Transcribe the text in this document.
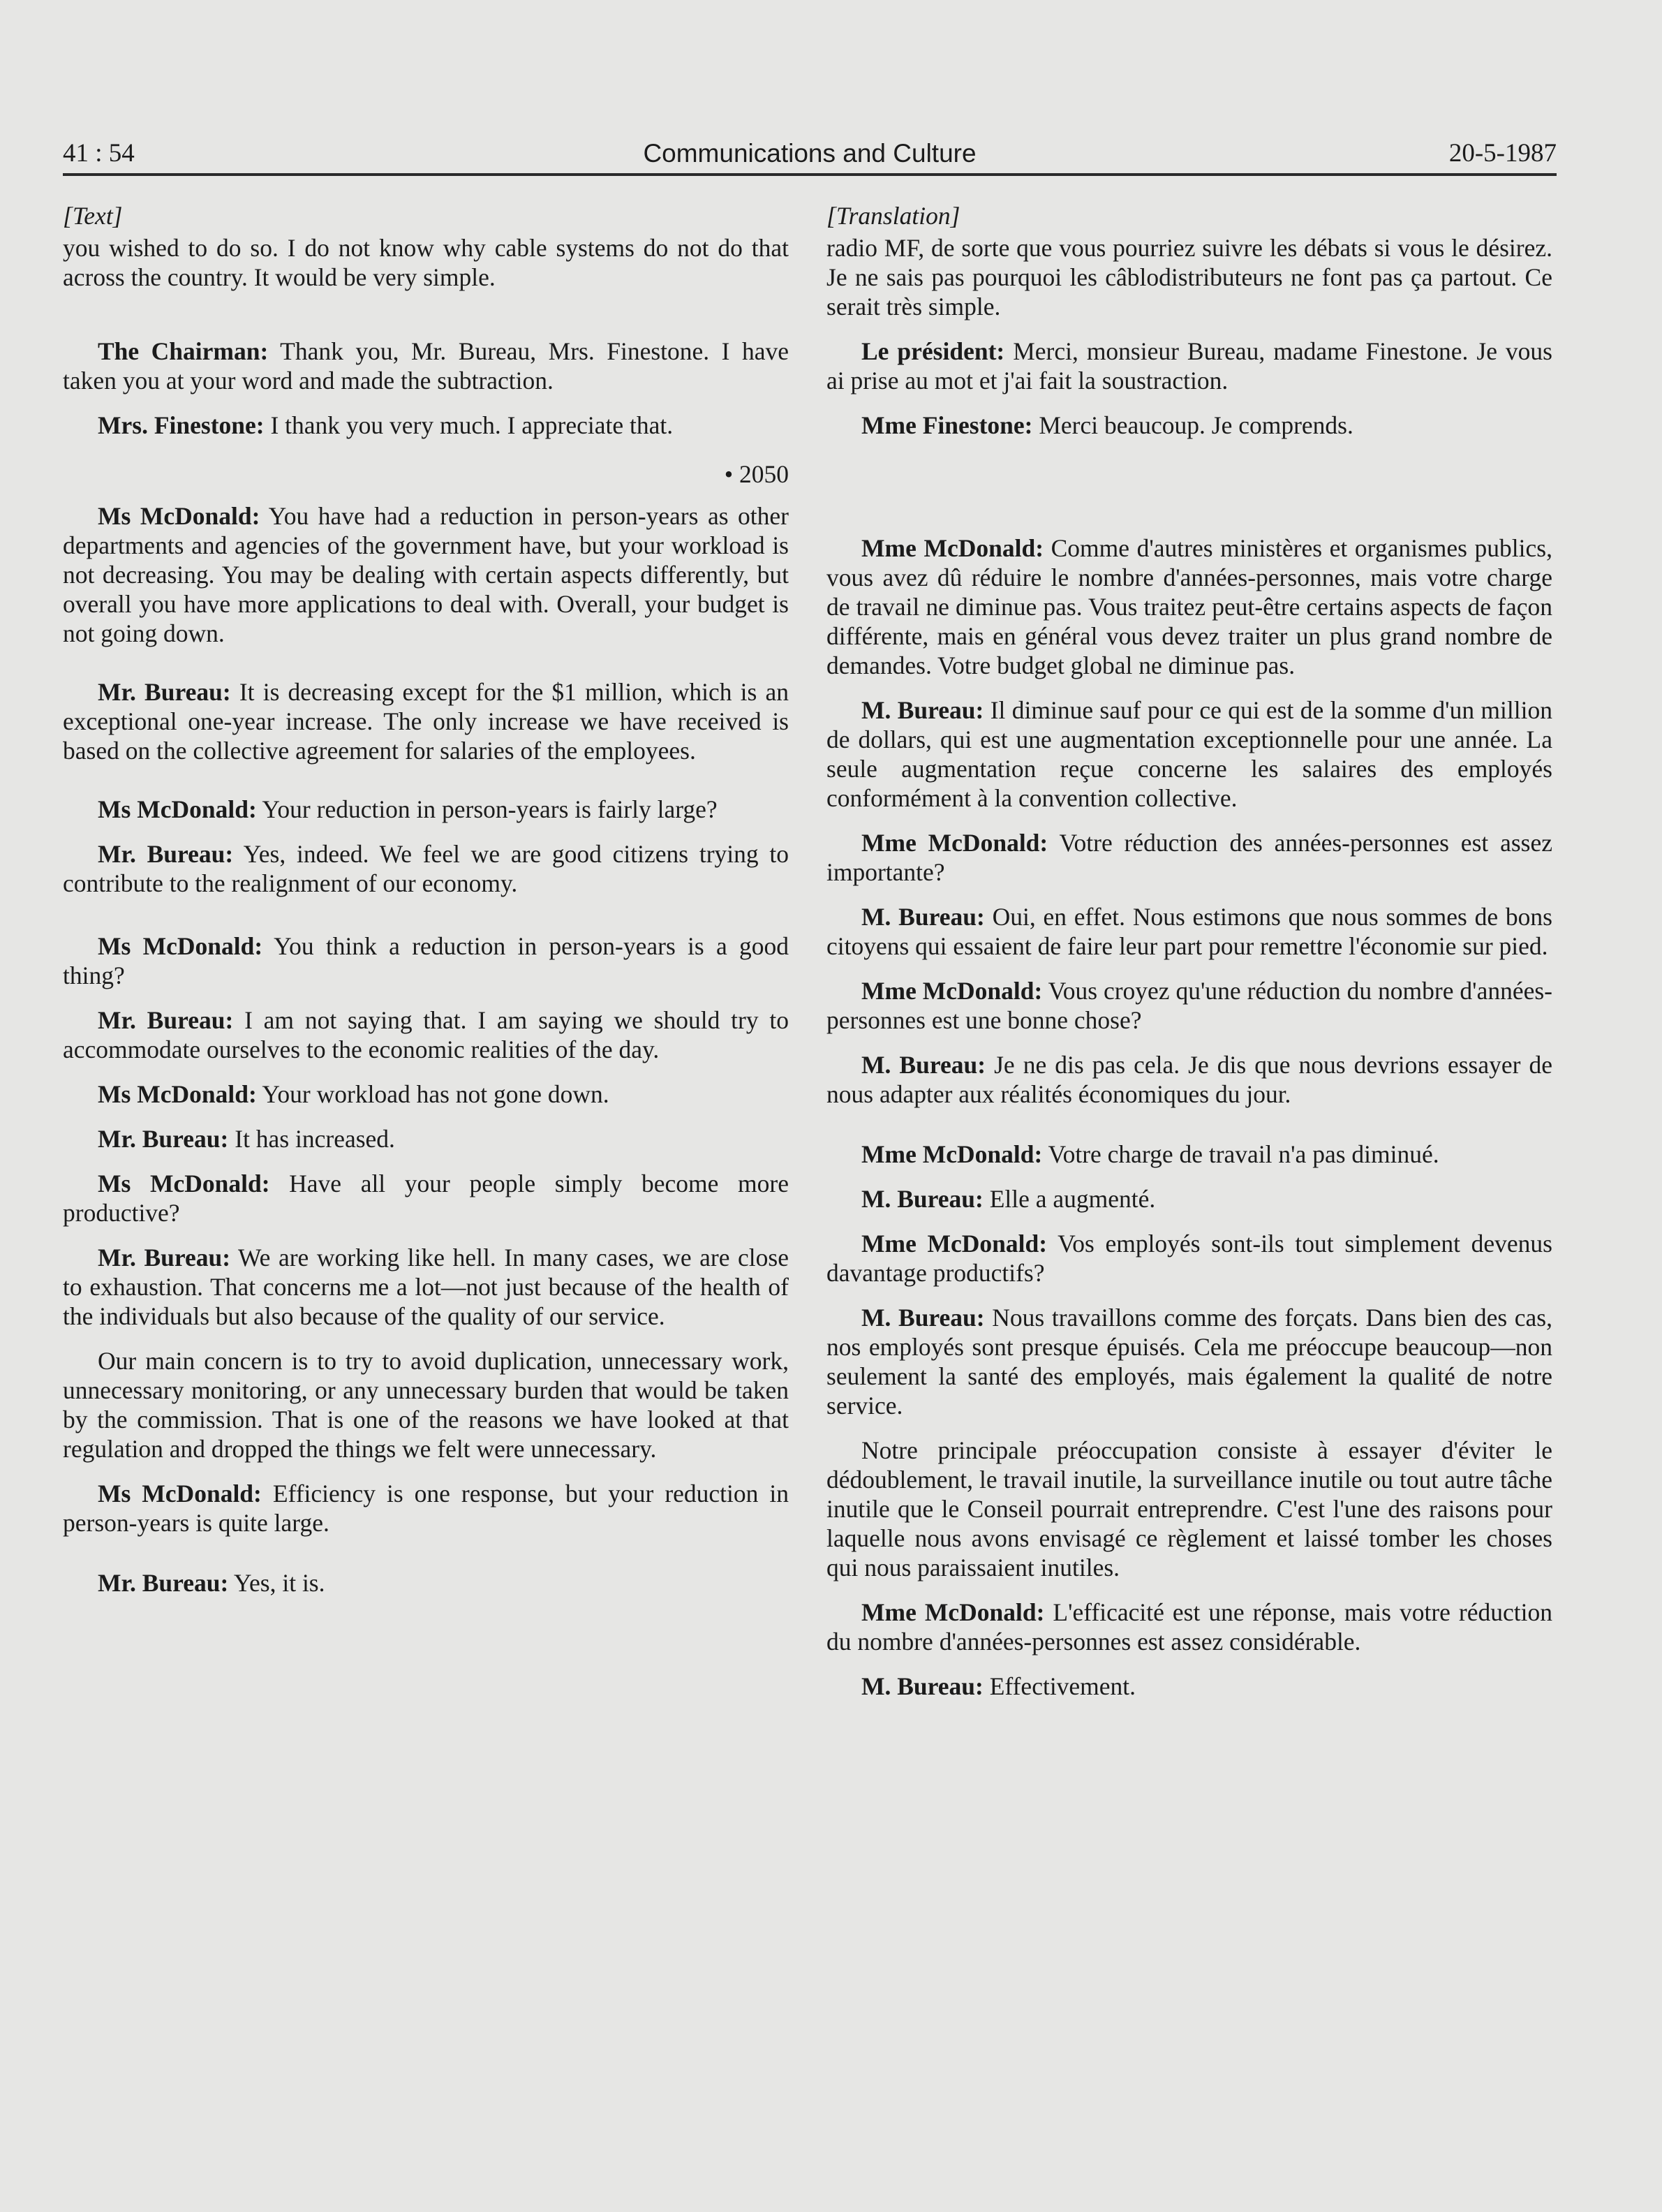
41 : 54	Communications and Culture	20-5-1987

[Text]

you wished to do so. I do not know why cable systems do not do that across the country. It would be very simple.

The Chairman: Thank you, Mr. Bureau, Mrs. Finestone. I have taken you at your word and made the subtraction.

Mrs. Finestone: I thank you very much. I appreciate that.

• 2050

Ms McDonald: You have had a reduction in person-years as other departments and agencies of the government have, but your workload is not decreasing. You may be dealing with certain aspects differently, but overall you have more applications to deal with. Overall, your budget is not going down.

Mr. Bureau: It is decreasing except for the $1 million, which is an exceptional one-year increase. The only increase we have received is based on the collective agreement for salaries of the employees.

Ms McDonald: Your reduction in person-years is fairly large?

Mr. Bureau: Yes, indeed. We feel we are good citizens trying to contribute to the realignment of our economy.

Ms McDonald: You think a reduction in person-years is a good thing?

Mr. Bureau: I am not saying that. I am saying we should try to accommodate ourselves to the economic realities of the day.

Ms McDonald: Your workload has not gone down.

Mr. Bureau: It has increased.

Ms McDonald: Have all your people simply become more productive?

Mr. Bureau: We are working like hell. In many cases, we are close to exhaustion. That concerns me a lot—not just because of the health of the individuals but also because of the quality of our service.

Our main concern is to try to avoid duplication, unnecessary work, unnecessary monitoring, or any unnecessary burden that would be taken by the commission. That is one of the reasons we have looked at that regulation and dropped the things we felt were unnecessary.

Ms McDonald: Efficiency is one response, but your reduction in person-years is quite large.

Mr. Bureau: Yes, it is.

[Translation]

radio MF, de sorte que vous pourriez suivre les débats si vous le désirez. Je ne sais pas pourquoi les câblodistributeurs ne font pas ça partout. Ce serait très simple.

Le président: Merci, monsieur Bureau, madame Finestone. Je vous ai prise au mot et j'ai fait la soustraction.

Mme Finestone: Merci beaucoup. Je comprends.

Mme McDonald: Comme d'autres ministères et organismes publics, vous avez dû réduire le nombre d'années-personnes, mais votre charge de travail ne diminue pas. Vous traitez peut-être certains aspects de façon différente, mais en général vous devez traiter un plus grand nombre de demandes. Votre budget global ne diminue pas.

M. Bureau: Il diminue sauf pour ce qui est de la somme d'un million de dollars, qui est une augmentation exceptionnelle pour une année. La seule augmentation reçue concerne les salaires des employés conformément à la convention collective.

Mme McDonald: Votre réduction des années-personnes est assez importante?

M. Bureau: Oui, en effet. Nous estimons que nous sommes de bons citoyens qui essaient de faire leur part pour remettre l'économie sur pied.

Mme McDonald: Vous croyez qu'une réduction du nombre d'années-personnes est une bonne chose?

M. Bureau: Je ne dis pas cela. Je dis que nous devrions essayer de nous adapter aux réalités économiques du jour.

Mme McDonald: Votre charge de travail n'a pas diminué.

M. Bureau: Elle a augmenté.

Mme McDonald: Vos employés sont-ils tout simplement devenus davantage productifs?

M. Bureau: Nous travaillons comme des forçats. Dans bien des cas, nos employés sont presque épuisés. Cela me préoccupe beaucoup—non seulement la santé des employés, mais également la qualité de notre service.

Notre principale préoccupation consiste à essayer d'éviter le dédoublement, le travail inutile, la surveillance inutile ou tout autre tâche inutile que le Conseil pourrait entreprendre. C'est l'une des raisons pour laquelle nous avons envisagé ce règlement et laissé tomber les choses qui nous paraissaient inutiles.

Mme McDonald: L'efficacité est une réponse, mais votre réduction du nombre d'années-personnes est assez considérable.

M. Bureau: Effectivement.
